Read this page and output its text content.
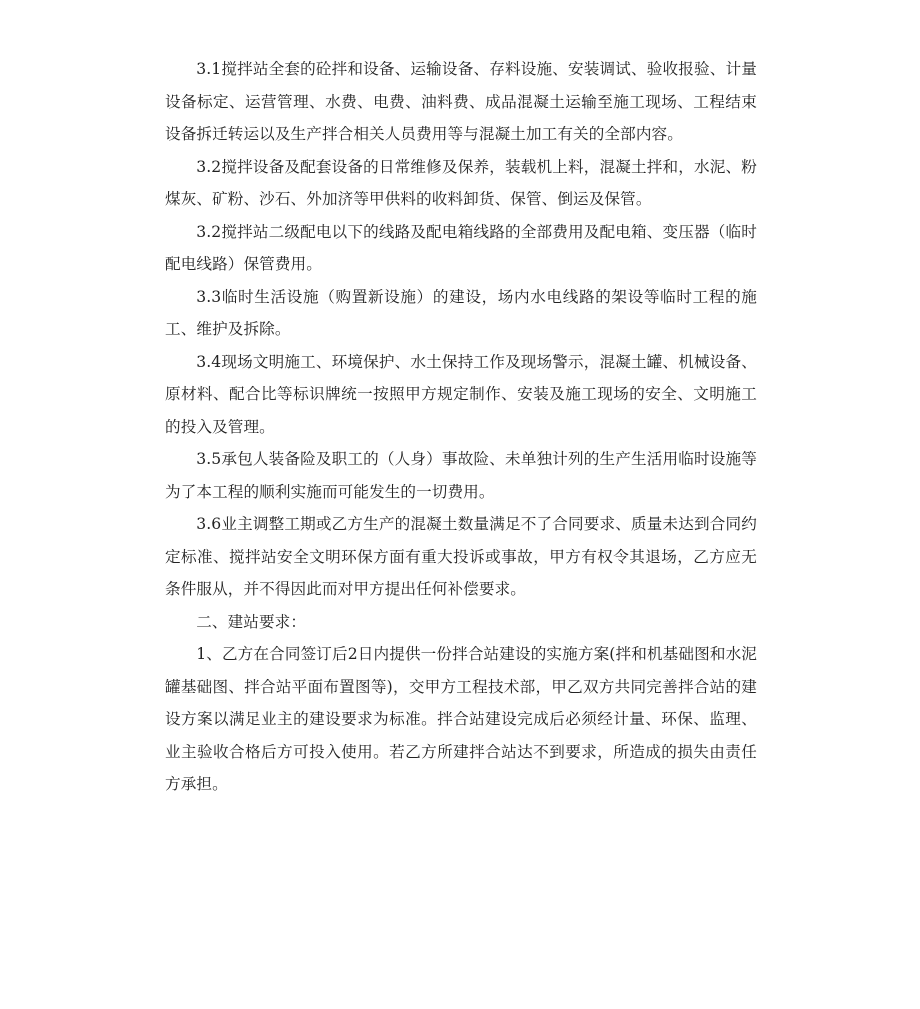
3.1搅拌站全套的砼拌和设备、运输设备、存料设施、安装调试、验收报验、计量设备标定、运营管理、水费、电费、油料费、成品混凝土运输至施工现场、工程结束设备拆迁转运以及生产拌合相关人员费用等与混凝土加工有关的全部内容。

3.2搅拌设备及配套设备的日常维修及保养，装载机上料，混凝土拌和，水泥、粉煤灰、矿粉、沙石、外加济等甲供料的收料卸货、保管、倒运及保管。

3.2搅拌站二级配电以下的线路及配电箱线路的全部费用及配电箱、变压器（临时配电线路）保管费用。

3.3临时生活设施（购置新设施）的建设，场内水电线路的架设等临时工程的施工、维护及拆除。

3.4现场文明施工、环境保护、水土保持工作及现场警示，混凝土罐、机械设备、原材料、配合比等标识牌统一按照甲方规定制作、安装及施工现场的安全、文明施工的投入及管理。

3.5承包人装备险及职工的（人身）事故险、未单独计列的生产生活用临时设施等为了本工程的顺利实施而可能发生的一切费用。

3.6业主调整工期或乙方生产的混凝土数量满足不了合同要求、质量未达到合同约定标准、搅拌站安全文明环保方面有重大投诉或事故，甲方有权令其退场，乙方应无条件服从，并不得因此而对甲方提出任何补偿要求。

二、建站要求：

1、乙方在合同签订后2日内提供一份拌合站建设的实施方案(拌和机基础图和水泥罐基础图、拌合站平面布置图等)，交甲方工程技术部，甲乙双方共同完善拌合站的建设方案以满足业主的建设要求为标准。拌合站建设完成后必须经计量、环保、监理、业主验收合格后方可投入使用。若乙方所建拌合站达不到要求，所造成的损失由责任方承担。
